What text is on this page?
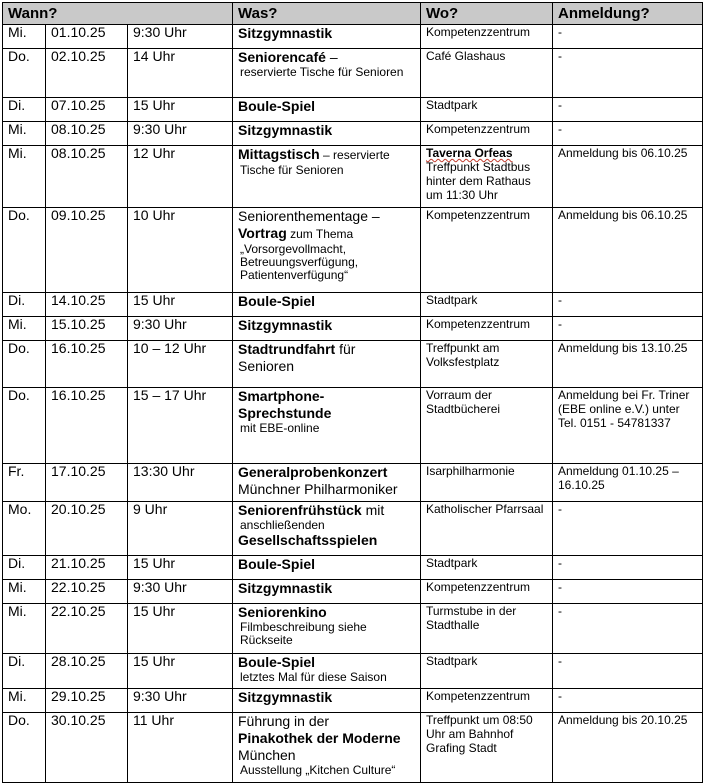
Wann?			Was?	Wo?	Anmeldung?
Mi.	01.10.25	9:30 Uhr	Sitzgymnastik	Kompetenzzentrum	-
Do.	02.10.25	14 Uhr	Seniorencafé –
reservierte Tische für Senioren	Café Glashaus	-
Di.	07.10.25	15 Uhr	Boule-Spiel	Stadtpark	-
Mi.	08.10.25	9:30 Uhr	Sitzgymnastik	Kompetenzzentrum	-
Mi.	08.10.25	12 Uhr	Mittagstisch – reservierte
Tische für Senioren	Taverna Orfeas
Treffpunkt Stadtbus hinter dem Rathaus um 11:30 Uhr	Anmeldung bis 06.10.25
Do.	09.10.25	10 Uhr	Seniorenthementage –
Vortrag zum Thema
„Vorsorgevollmacht, Betreuungsverfügung, Patientenverfügung“	Kompetenzzentrum	Anmeldung bis 06.10.25
Di.	14.10.25	15 Uhr	Boule-Spiel	Stadtpark	-
Mi.	15.10.25	9:30 Uhr	Sitzgymnastik	Kompetenzzentrum	-
Do.	16.10.25	10 – 12 Uhr	Stadtrundfahrt für
Senioren	Treffpunkt am Volksfestplatz	Anmeldung bis 13.10.25
Do.	16.10.25	15 – 17 Uhr	Smartphone-Sprechstunde
mit EBE-online	Vorraum der Stadtbücherei	Anmeldung bei Fr. Triner (EBE online e.V.) unter Tel. 0151 - 54781337
Fr.	17.10.25	13:30 Uhr	Generalprobenkonzert
Münchner Philharmoniker	Isarphilharmonie	Anmeldung 01.10.25 – 16.10.25
Mo.	20.10.25	9 Uhr	Seniorenfrühstück mit
anschließenden
Gesellschaftsspielen	Katholischer Pfarrsaal	-
Di.	21.10.25	15 Uhr	Boule-Spiel	Stadtpark	-
Mi.	22.10.25	9:30 Uhr	Sitzgymnastik	Kompetenzzentrum	-
Mi.	22.10.25	15 Uhr	Seniorenkino
Filmbeschreibung siehe Rückseite	Turmstube in der Stadthalle	-
Di.	28.10.25	15 Uhr	Boule-Spiel
letztes Mal für diese Saison	Stadtpark	-
Mi.	29.10.25	9:30 Uhr	Sitzgymnastik	Kompetenzzentrum	-
Do.	30.10.25	11 Uhr	Führung in der
Pinakothek der Moderne München
Ausstellung „Kitchen Culture“	Treffpunkt um 08:50 Uhr am Bahnhof Grafing Stadt	Anmeldung bis 20.10.25
